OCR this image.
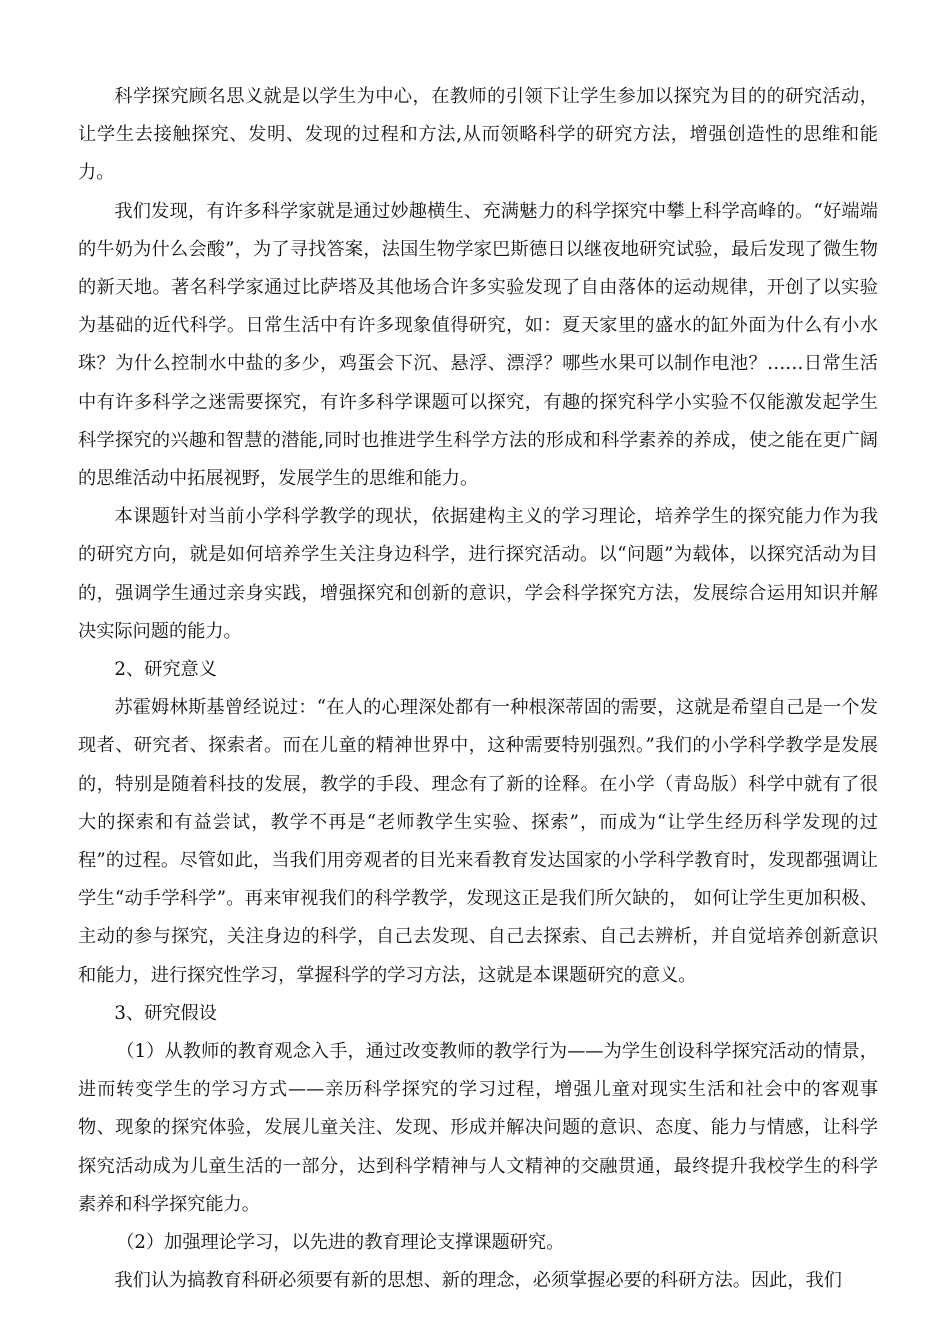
科学探究顾名思义就是以学生为中心，在教师的引领下让学生参加以探究为目的的研究活动，让学生去接触探究、发明、发现的过程和方法,从而领略科学的研究方法，增强创造性的思维和能力。

我们发现，有许多科学家就是通过妙趣横生、充满魅力的科学探究中攀上科学高峰的。“好端端的牛奶为什么会酸”，为了寻找答案，法国生物学家巴斯德日以继夜地研究试验，最后发现了微生物的新天地。著名科学家通过比萨塔及其他场合许多实验发现了自由落体的运动规律，开创了以实验为基础的近代科学。日常生活中有许多现象值得研究，如：夏天家里的盛水的缸外面为什么有小水珠？为什么控制水中盐的多少，鸡蛋会下沉、悬浮、漂浮？哪些水果可以制作电池？……日常生活中有许多科学之迷需要探究，有许多科学课题可以探究，有趣的探究科学小实验不仅能激发起学生科学探究的兴趣和智慧的潜能,同时也推进学生科学方法的形成和科学素养的养成，使之能在更广阔的思维活动中拓展视野，发展学生的思维和能力。

本课题针对当前小学科学教学的现状，依据建构主义的学习理论，培养学生的探究能力作为我的研究方向，就是如何培养学生关注身边科学，进行探究活动。以“问题”为载体，以探究活动为目的，强调学生通过亲身实践，增强探究和创新的意识，学会科学探究方法，发展综合运用知识并解决实际问题的能力。

2、研究意义

苏霍姆林斯基曾经说过：“在人的心理深处都有一种根深蒂固的需要，这就是希望自己是一个发现者、研究者、探索者。而在儿童的精神世界中，这种需要特别强烈。”我们的小学科学教学是发展的，特别是随着科技的发展，教学的手段、理念有了新的诠释。在小学（青岛版）科学中就有了很大的探索和有益尝试，教学不再是“老师教学生实验、探索”，而成为“让学生经历科学发现的过程”的过程。尽管如此，当我们用旁观者的目光来看教育发达国家的小学科学教育时，发现都强调让学生“动手学科学”。再来审视我们的科学教学，发现这正是我们所欠缺的， 如何让学生更加积极、主动的参与探究，关注身边的科学，自己去发现、自己去探索、自己去辨析，并自觉培养创新意识和能力，进行探究性学习，掌握科学的学习方法，这就是本课题研究的意义。

3、研究假设

（1）从教师的教育观念入手，通过改变教师的教学行为——为学生创设科学探究活动的情景，进而转变学生的学习方式——亲历科学探究的学习过程，增强儿童对现实生活和社会中的客观事物、现象的探究体验，发展儿童关注、发现、形成并解决问题的意识、态度、能力与情感，让科学探究活动成为儿童生活的一部分，达到科学精神与人文精神的交融贯通，最终提升我校学生的科学素养和科学探究能力。

（2）加强理论学习，以先进的教育理论支撑课题研究。

我们认为搞教育科研必须要有新的思想、新的理念，必须掌握必要的科研方法。因此，我们
